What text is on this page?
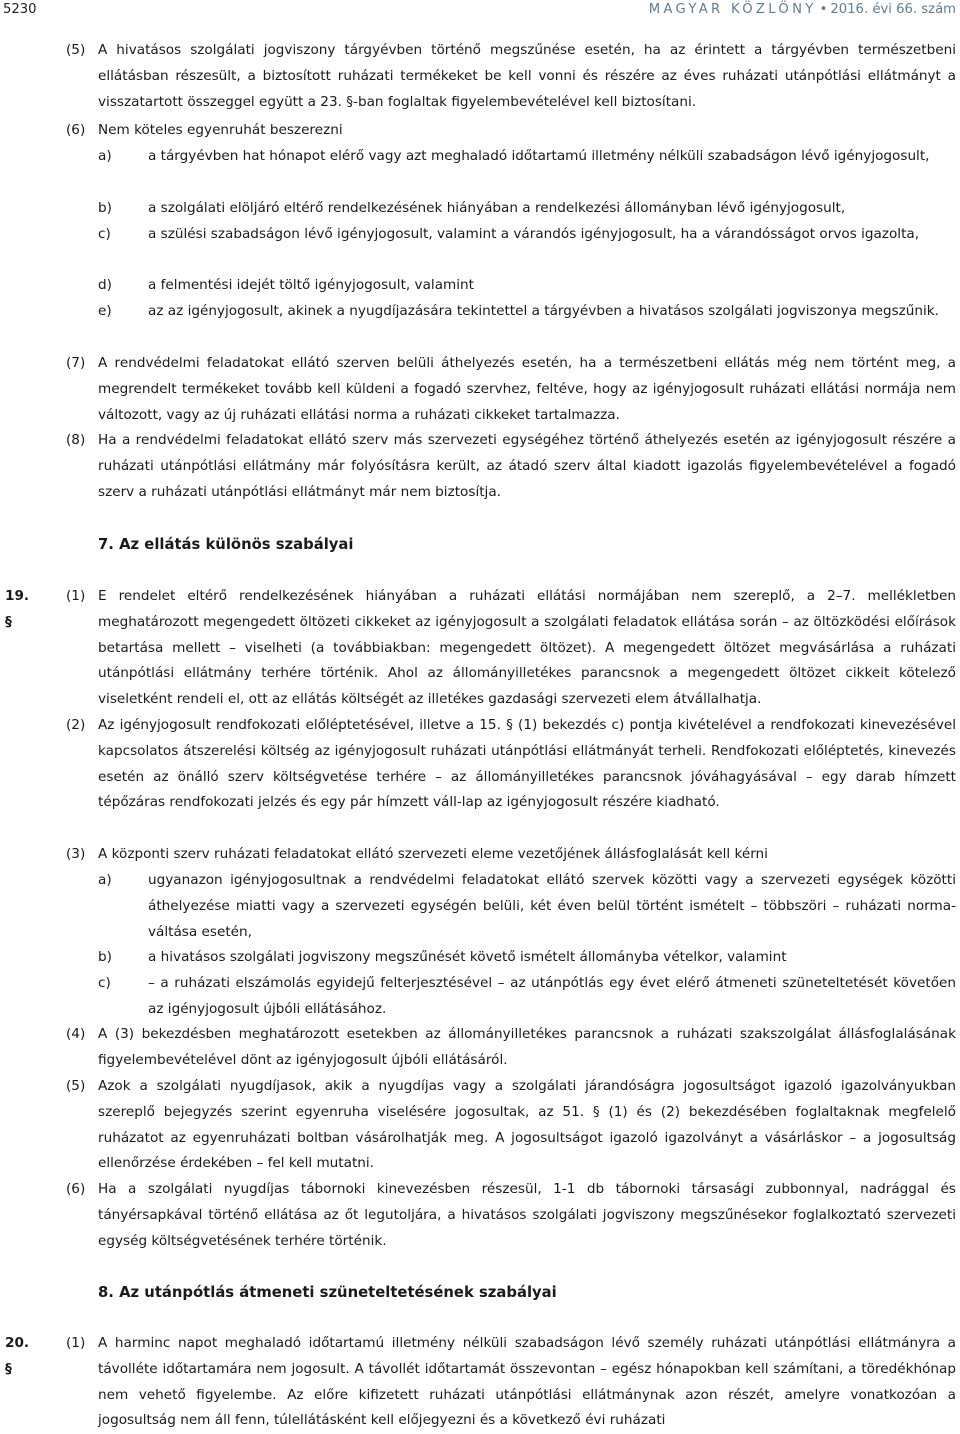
5230	MAGYAR KÖZLÖNY • 2016. évi 66. szám
(5) A hivatásos szolgálati jogviszony tárgyévben történő megszűnése esetén, ha az érintett a tárgyévben természetbeni ellátásban részesült, a biztosított ruházati termékeket be kell vonni és részére az éves ruházati utánpótlási ellátmányt a visszatartott összeggel együtt a 23. §-ban foglaltak figyelembevételével kell biztosítani.
(6) Nem köteles egyenruhát beszerezni
a)	a tárgyévben hat hónapot elérő vagy azt meghaladó időtartamú illetmény nélküli szabadságon lévő igényjogosult,
b)	a szolgálati elöljáró eltérő rendelkezésének hiányában a rendelkezési állományban lévő igényjogosult,
c)	a szülési szabadságon lévő igényjogosult, valamint a várandós igényjogosult, ha a várandósságot orvos igazolta,
d)	a felmentési idejét töltő igényjogosult, valamint
e)	az az igényjogosult, akinek a nyugdíjazására tekintettel a tárgyévben a hivatásos szolgálati jogviszonya megszűnik.
(7) A rendvédelmi feladatokat ellátó szerven belüli áthelyezés esetén, ha a természetbeni ellátás még nem történt meg, a megrendelt termékeket tovább kell küldeni a fogadó szervhez, feltéve, hogy az igényjogosult ruházati ellátási normája nem változott, vagy az új ruházati ellátási norma a ruházati cikkeket tartalmazza.
(8) Ha a rendvédelmi feladatokat ellátó szerv más szervezeti egységéhez történő áthelyezés esetén az igényjogosult részére a ruházati utánpótlási ellátmány már folyósításra került, az átadó szerv által kiadott igazolás figyelembevételével a fogadó szerv a ruházati utánpótlási ellátmányt már nem biztosítja.
7. Az ellátás különös szabályai
19. §
(1) E rendelet eltérő rendelkezésének hiányában a ruházati ellátási normájában nem szereplő, a 2–7. mellékletben meghatározott megengedett öltözeti cikkeket az igényjogosult a szolgálati feladatok ellátása során – az öltözködési előírások betartása mellett – viselheti (a továbbiakban: megengedett öltözet). A megengedett öltözet megvásárlása a ruházati utánpótlási ellátmány terhére történik. Ahol az állományilletékes parancsnok a megengedett öltözet cikkeit kötelező viseletként rendeli el, ott az ellátás költségét az illetékes gazdasági szervezeti elem átvállalhatja.
(2) Az igényjogosult rendfokozati előléptetésével, illetve a 15. § (1) bekezdés c) pontja kivételével a rendfokozati kinevezésével kapcsolatos átszerelési költség az igényjogosult ruházati utánpótlási ellátmányát terheli. Rendfokozati előléptetés, kinevezés esetén az önálló szerv költségvetése terhére – az állományilletékes parancsnok jóváhagyásával – egy darab hímzett tépőzáras rendfokozati jelzés és egy pár hímzett váll-lap az igényjogosult részére kiadható.
(3) A központi szerv ruházati feladatokat ellátó szervezeti eleme vezetőjének állásfoglalását kell kérni
a)	ugyanazon igényjogosultnak a rendvédelmi feladatokat ellátó szervek közötti vagy a szervezeti egységek közötti áthelyezése miatti vagy a szervezeti egységén belüli, két éven belül történt ismételt – többszöri – ruházati norma-váltása esetén,
b)	a hivatásos szolgálati jogviszony megszűnését követő ismételt állományba vételkor, valamint
c)	– a ruházati elszámolás egyidejű felterjesztésével – az utánpótlás egy évet elérő átmeneti szüneteltetését követően az igényjogosult újbóli ellátásához.
(4) A (3) bekezdésben meghatározott esetekben az állományilletékes parancsnok a ruházati szakszolgálat állásfoglalásának figyelembevételével dönt az igényjogosult újbóli ellátásáról.
(5) Azok a szolgálati nyugdíjasok, akik a nyugdíjas vagy a szolgálati járandóságra jogosultságot igazoló igazolványukban szereplő bejegyzés szerint egyenruha viselésére jogosultak, az 51. § (1) és (2) bekezdésében foglaltaknak megfelelő ruházatot az egyenruházati boltban vásárolhatják meg. A jogosultságot igazoló igazolványt a vásárláskor – a jogosultság ellenőrzése érdekében – fel kell mutatni.
(6) Ha a szolgálati nyugdíjas tábornoki kinevezésben részesül, 1-1 db tábornoki társasági zubbonnyal, nadrággal és tányérsapkával történő ellátása az őt legutoljára, a hivatásos szolgálati jogviszony megszűnésekor foglalkoztató szervezeti egység költségvetésének terhére történik.
8. Az utánpótlás átmeneti szüneteltetésének szabályai
20. §
(1) A harminc napot meghaladó időtartamú illetmény nélküli szabadságon lévő személy ruházati utánpótlási ellátmányra a távolléte időtartamára nem jogosult. A távollét időtartamát összevontan – egész hónapokban kell számítani, a töredékhónap nem vehető figyelembe. Az előre kifizetett ruházati utánpótlási ellátmánynak azon részét, amelyre vonatkozóan a jogosultság nem áll fenn, túlellátásként kell előjegyezni és a következő évi ruházati
